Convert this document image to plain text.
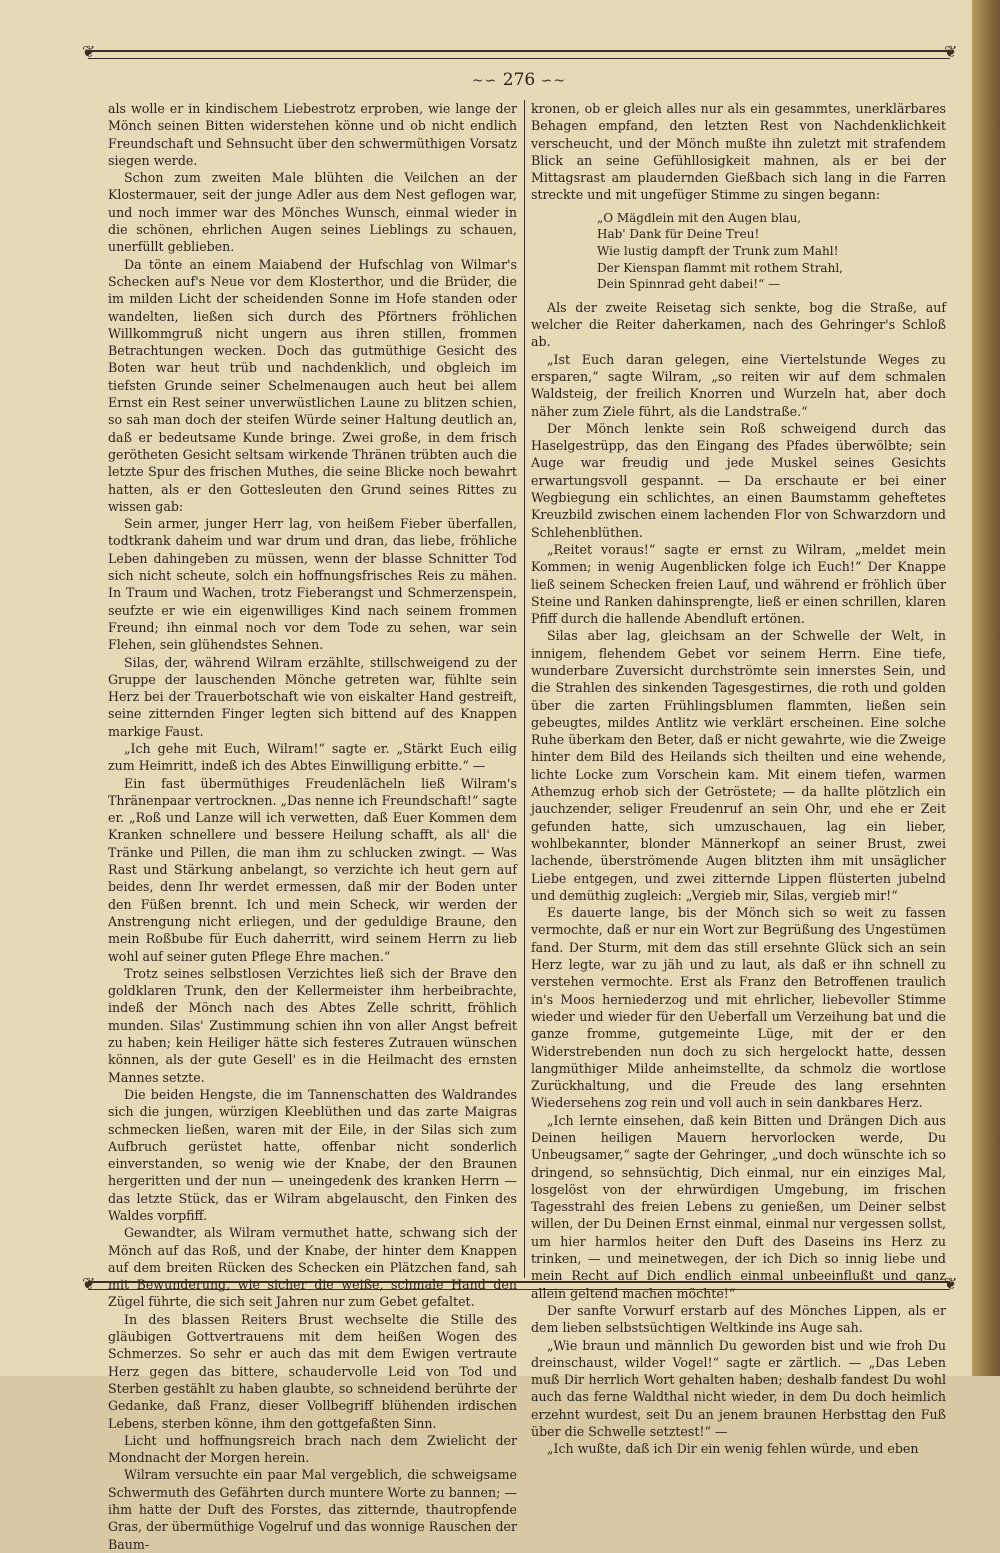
❦	❦
~∽ 276 ∽~

als wolle er in kindischem Liebestrotz erproben, wie lange der Mönch seinen Bitten widerstehen könne und ob nicht endlich Freundschaft und Sehnsucht über den schwermüthigen Vorsatz siegen werde.

Schon zum zweiten Male blühten die Veilchen an der Klostermauer, seit der junge Adler aus dem Nest geflogen war, und noch immer war des Mönches Wunsch, einmal wieder in die schönen, ehrlichen Augen seines Lieblings zu schauen, unerfüllt geblieben.

Da tönte an einem Maiabend der Hufschlag von Wilmar's Schecken auf's Neue vor dem Klosterthor, und die Brüder, die im milden Licht der scheidenden Sonne im Hofe standen oder wandelten, ließen sich durch des Pförtners fröhlichen Willkommgruß nicht ungern aus ihren stillen, frommen Betrachtungen wecken. Doch das gutmüthige Gesicht des Boten war heut trüb und nachdenklich, und obgleich im tiefsten Grunde seiner Schelmenaugen auch heut bei allem Ernst ein Rest seiner unverwüstlichen Laune zu blitzen schien, so sah man doch der steifen Würde seiner Haltung deutlich an, daß er bedeutsame Kunde bringe. Zwei große, in dem frisch gerötheten Gesicht seltsam wirkende Thränen trübten auch die letzte Spur des frischen Muthes, die seine Blicke noch bewahrt hatten, als er den Gottesleuten den Grund seines Rittes zu wissen gab:

Sein armer, junger Herr lag, von heißem Fieber überfallen, todtkrank daheim und war drum und dran, das liebe, fröhliche Leben dahingeben zu müssen, wenn der blasse Schnitter Tod sich nicht scheute, solch ein hoffnungsfrisches Reis zu mähen. In Traum und Wachen, trotz Fieberangst und Schmerzenspein, seufzte er wie ein eigenwilliges Kind nach seinem frommen Freund; ihn einmal noch vor dem Tode zu sehen, war sein Flehen, sein glühendstes Sehnen.

Silas, der, während Wilram erzählte, stillschweigend zu der Gruppe der lauschenden Mönche getreten war, fühlte sein Herz bei der Trauerbotschaft wie von eiskalter Hand gestreift, seine zitternden Finger legten sich bittend auf des Knappen markige Faust.

„Ich gehe mit Euch, Wilram!“ sagte er. „Stärkt Euch eilig zum Heimritt, indeß ich des Abtes Einwilligung erbitte.“ —

Ein fast übermüthiges Freudenlächeln ließ Wilram's Thränenpaar vertrocknen. „Das nenne ich Freundschaft!“ sagte er. „Roß und Lanze will ich verwetten, daß Euer Kommen dem Kranken schnellere und bessere Heilung schafft, als all' die Tränke und Pillen, die man ihm zu schlucken zwingt. — Was Rast und Stärkung anbelangt, so verzichte ich heut gern auf beides, denn Ihr werdet ermessen, daß mir der Boden unter den Füßen brennt. Ich und mein Scheck, wir werden der Anstrengung nicht erliegen, und der geduldige Braune, den mein Roßbube für Euch daherritt, wird seinem Herrn zu lieb wohl auf seiner guten Pflege Ehre machen.“

Trotz seines selbstlosen Verzichtes ließ sich der Brave den goldklaren Trunk, den der Kellermeister ihm herbeibrachte, indeß der Mönch nach des Abtes Zelle schritt, fröhlich munden. Silas' Zustimmung schien ihn von aller Angst befreit zu haben; kein Heiliger hätte sich festeres Zutrauen wünschen können, als der gute Gesell' es in die Heilmacht des ernsten Mannes setzte.

Die beiden Hengste, die im Tannenschatten des Waldrandes sich die jungen, würzigen Kleeblüthen und das zarte Maigras schmecken ließen, waren mit der Eile, in der Silas sich zum Aufbruch gerüstet hatte, offenbar nicht sonderlich einverstanden, so wenig wie der Knabe, der den Braunen hergeritten und der nun — uneingedenk des kranken Herrn — das letzte Stück, das er Wilram abgelauscht, den Finken des Waldes vorpfiff.

Gewandter, als Wilram vermuthet hatte, schwang sich der Mönch auf das Roß, und der Knabe, der hinter dem Knappen auf dem breiten Rücken des Schecken ein Plätzchen fand, sah mit Bewunderung, wie sicher die weiße, schmale Hand den Zügel führte, die sich seit Jahren nur zum Gebet gefaltet.

In des blassen Reiters Brust wechselte die Stille des gläubigen Gottvertrauens mit dem heißen Wogen des Schmerzes. So sehr er auch das mit dem Ewigen vertraute Herz gegen das bittere, schaudervolle Leid von Tod und Sterben gestählt zu haben glaubte, so schneidend berührte der Gedanke, daß Franz, dieser Vollbegriff blühenden irdischen Lebens, sterben könne, ihm den gottgefaßten Sinn.

Licht und hoffnungsreich brach nach dem Zwielicht der Mondnacht der Morgen herein.

Wilram versuchte ein paar Mal vergeblich, die schweigsame Schwermuth des Gefährten durch muntere Worte zu bannen; — ihm hatte der Duft des Forstes, das zitternde, thautropfende Gras, der übermüthige Vogelruf und das wonnige Rauschen der Baum-

kronen, ob er gleich alles nur als ein gesammtes, unerklärbares Behagen empfand, den letzten Rest von Nachdenklichkeit verscheucht, und der Mönch mußte ihn zuletzt mit strafendem Blick an seine Gefühllosigkeit mahnen, als er bei der Mittagsrast am plaudernden Gießbach sich lang in die Farren streckte und mit ungefüger Stimme zu singen begann:

„O Mägdlein mit den Augen blau,
Hab' Dank für Deine Treu!
Wie lustig dampft der Trunk zum Mahl!
Der Kienspan flammt mit rothem Strahl,
Dein Spinnrad geht dabei!“ —

Als der zweite Reisetag sich senkte, bog die Straße, auf welcher die Reiter daherkamen, nach des Gehringer's Schloß ab.

„Ist Euch daran gelegen, eine Viertelstunde Weges zu ersparen,“ sagte Wilram, „so reiten wir auf dem schmalen Waldsteig, der freilich Knorren und Wurzeln hat, aber doch näher zum Ziele führt, als die Landstraße.“

Der Mönch lenkte sein Roß schweigend durch das Haselgestrüpp, das den Eingang des Pfades überwölbte; sein Auge war freudig und jede Muskel seines Gesichts erwartungsvoll gespannt. — Da erschaute er bei einer Wegbiegung ein schlichtes, an einen Baumstamm geheftetes Kreuzbild zwischen einem lachenden Flor von Schwarzdorn und Schlehenblüthen.

„Reitet voraus!“ sagte er ernst zu Wilram, „meldet mein Kommen; in wenig Augenblicken folge ich Euch!“ Der Knappe ließ seinem Schecken freien Lauf, und während er fröhlich über Steine und Ranken dahinsprengte, ließ er einen schrillen, klaren Pfiff durch die hallende Abendluft ertönen.

Silas aber lag, gleichsam an der Schwelle der Welt, in innigem, flehendem Gebet vor seinem Herrn. Eine tiefe, wunderbare Zuversicht durchströmte sein innerstes Sein, und die Strahlen des sinkenden Tagesgestirnes, die roth und golden über die zarten Frühlingsblumen flammten, ließen sein gebeugtes, mildes Antlitz wie verklärt erscheinen. Eine solche Ruhe überkam den Beter, daß er nicht gewahrte, wie die Zweige hinter dem Bild des Heilands sich theilten und eine wehende, lichte Locke zum Vorschein kam. Mit einem tiefen, warmen Athemzug erhob sich der Getröstete; — da hallte plötzlich ein jauchzender, seliger Freudenruf an sein Ohr, und ehe er Zeit gefunden hatte, sich umzuschauen, lag ein lieber, wohlbekannter, blonder Männerkopf an seiner Brust, zwei lachende, überströmende Augen blitzten ihm mit unsäglicher Liebe entgegen, und zwei zitternde Lippen flüsterten jubelnd und demüthig zugleich: „Vergieb mir, Silas, vergieb mir!“

Es dauerte lange, bis der Mönch sich so weit zu fassen vermochte, daß er nur ein Wort zur Begrüßung des Ungestümen fand. Der Sturm, mit dem das still ersehnte Glück sich an sein Herz legte, war zu jäh und zu laut, als daß er ihn schnell zu verstehen vermochte. Erst als Franz den Betroffenen traulich in's Moos herniederzog und mit ehrlicher, liebevoller Stimme wieder und wieder für den Ueberfall um Verzeihung bat und die ganze fromme, gutgemeinte Lüge, mit der er den Widerstrebenden nun doch zu sich hergelockt hatte, dessen langmüthiger Milde anheimstellte, da schmolz die wortlose Zurückhaltung, und die Freude des lang ersehnten Wiedersehens zog rein und voll auch in sein dankbares Herz.

„Ich lernte einsehen, daß kein Bitten und Drängen Dich aus Deinen heiligen Mauern hervorlocken werde, Du Unbeugsamer,“ sagte der Gehringer, „und doch wünschte ich so dringend, so sehnsüchtig, Dich einmal, nur ein einziges Mal, losgelöst von der ehrwürdigen Umgebung, im frischen Tagesstrahl des freien Lebens zu genießen, um Deiner selbst willen, der Du Deinen Ernst einmal, einmal nur vergessen sollst, um hier harmlos heiter den Duft des Daseins ins Herz zu trinken, — und meinetwegen, der ich Dich so innig liebe und mein Recht auf Dich endlich einmal unbeeinflußt und ganz allein geltend machen möchte!“

Der sanfte Vorwurf erstarb auf des Mönches Lippen, als er dem lieben selbstsüchtigen Weltkinde ins Auge sah.

„Wie braun und männlich Du geworden bist und wie froh Du dreinschaust, wilder Vogel!“ sagte er zärtlich. — „Das Leben muß Dir herrlich Wort gehalten haben; deshalb fandest Du wohl auch das ferne Waldthal nicht wieder, in dem Du doch heimlich erzehnt wurdest, seit Du an jenem braunen Herbsttag den Fuß über die Schwelle setztest!“ —

„Ich wußte, daß ich Dir ein wenig fehlen würde, und eben

❦	❦
